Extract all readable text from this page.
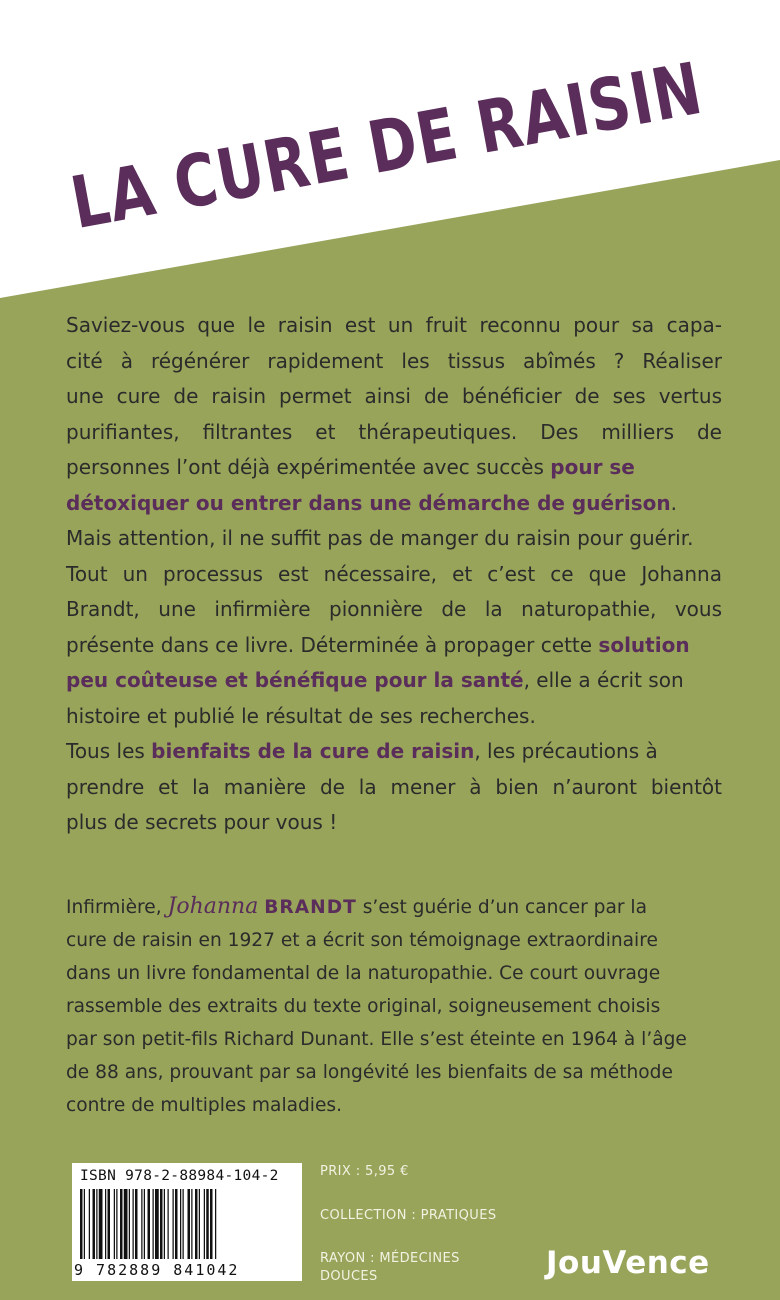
LA CURE DE RAISIN
Saviez-vous que le raisin est un fruit reconnu pour sa capa-
cité à régénérer rapidement les tissus abîmés ? Réaliser
une cure de raisin permet ainsi de bénéficier de ses vertus
purifiantes, filtrantes et thérapeutiques. Des milliers de
personnes l’ont déjà expérimentée avec succès pour se
détoxiquer ou entrer dans une démarche de guérison.
Mais attention, il ne suffit pas de manger du raisin pour guérir.
Tout un processus est nécessaire, et c’est ce que Johanna
Brandt, une infirmière pionnière de la naturopathie, vous
présente dans ce livre. Déterminée à propager cette solution
peu coûteuse et bénéfique pour la santé, elle a écrit son
histoire et publié le résultat de ses recherches.
Tous les bienfaits de la cure de raisin, les précautions à
prendre et la manière de la mener à bien n’auront bientôt
plus de secrets pour vous !
Infirmière, Johanna BRANDT s’est guérie d’un cancer par la
cure de raisin en 1927 et a écrit son témoignage extraordinaire
dans un livre fondamental de la naturopathie. Ce court ouvrage
rassemble des extraits du texte original, soigneusement choisis
par son petit-fils Richard Dunant. Elle s’est éteinte en 1964 à l’âge
de 88 ans, prouvant par sa longévité les bienfaits de sa méthode
contre de multiples maladies.
ISBN 978-2-88984-104-2
9 782889 841042
PRIX : 5,95 €
COLLECTION : PRATIQUES
RAYON : MÉDECINES DOUCES	JouVence
